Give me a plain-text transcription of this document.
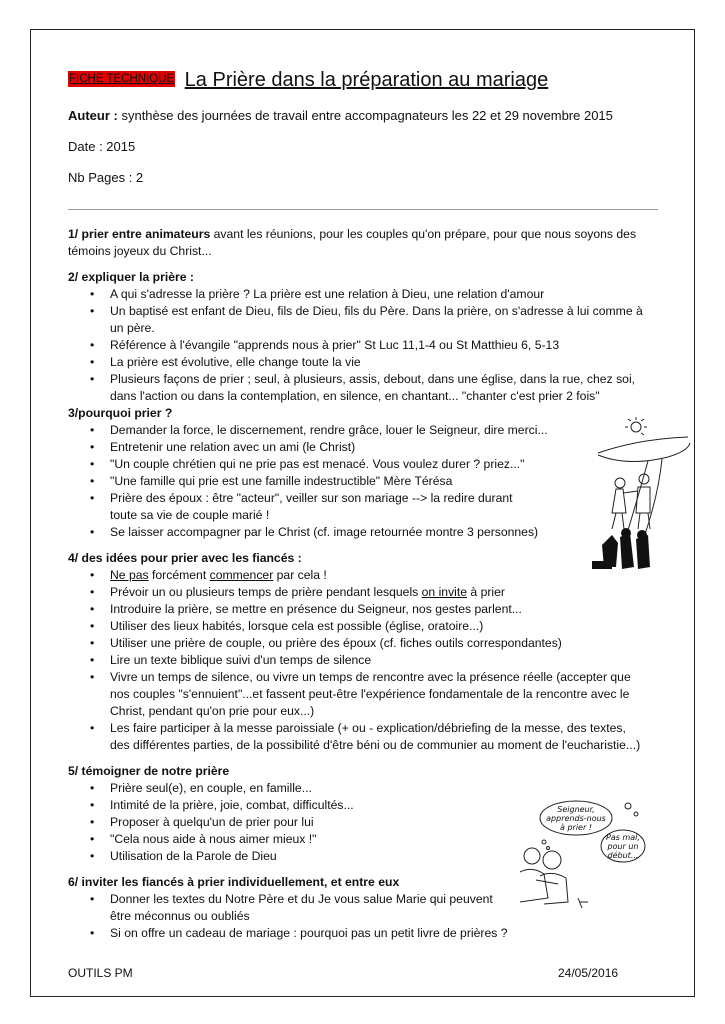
FICHE TECHNIQUE La Prière dans la préparation au mariage
Auteur : synthèse des journées de travail entre accompagnateurs les 22 et 29 novembre 2015
Date : 2015
Nb Pages : 2
1/ prier entre animateurs avant les réunions, pour les couples qu'on prépare, pour que nous soyons des témoins joyeux du Christ...
2/ expliquer la prière :
• A qui s'adresse la prière ? La prière est une relation à Dieu, une relation d'amour
• Un baptisé est enfant de Dieu, fils de Dieu, fils du Père. Dans la prière, on s'adresse à lui comme à un père.
• Référence à l'évangile "apprends nous à prier" St Luc 11,1-4 ou St Matthieu 6, 5-13
• La prière est évolutive, elle change toute la vie
• Plusieurs façons de prier ; seul, à plusieurs, assis, debout, dans une église, dans la rue, chez soi, dans l'action ou dans la contemplation, en silence, en chantant... "chanter c'est prier 2 fois"
3/pourquoi prier ?
• Demander la force, le discernement, rendre grâce, louer le Seigneur, dire merci...
• Entretenir une relation avec un ami (le Christ)
• "Un couple chrétien qui ne prie pas est menacé. Vous voulez durer ? priez..."
• "Une famille qui prie est une famille indestructible" Mère Térésa
• Prière des époux : être "acteur", veiller sur son mariage --> la redire durant toute sa vie de couple marié !
• Se laisser accompagner par le Christ (cf. image retournée montre 3 personnes)
4/ des idées pour prier avec les fiancés :
• Ne pas forcément commencer par cela !
• Prévoir un ou plusieurs temps de prière pendant lesquels on invite à prier
• Introduire la prière, se mettre en présence du Seigneur, nos gestes parlent...
• Utiliser des lieux habités, lorsque cela est possible (église, oratoire...)
• Utiliser une prière de couple, ou prière des époux (cf. fiches outils correspondantes)
• Lire un texte biblique suivi d'un temps de silence
• Vivre un temps de silence, ou vivre un temps de rencontre avec la présence réelle (accepter que nos couples "s'ennuient"...et fassent peut-être l'expérience fondamentale de la rencontre avec le Christ, pendant qu'on prie pour eux...)
• Les faire participer à la messe paroissiale (+ ou - explication/débriefing de la messe, des textes, des différentes parties, de la possibilité d'être béni ou de communier au moment de l'eucharistie...)
5/ témoigner de notre prière
• Prière seul(e), en couple, en famille...
• Intimité de la prière, joie, combat, difficultés...
• Proposer à quelqu'un de prier pour lui
• "Cela nous aide à nous aimer mieux !"
• Utilisation de la Parole de Dieu
6/ inviter les fiancés à prier individuellement, et entre eux
• Donner les textes du Notre Père et du Je vous salue Marie qui peuvent être méconnus ou oubliés
• Si on offre un cadeau de mariage : pourquoi pas un petit livre de prières ?
Seigneur,
apprends-nous
à prier !
Pas mal,
pour un
début...
OUTILS PM	24/05/2016
